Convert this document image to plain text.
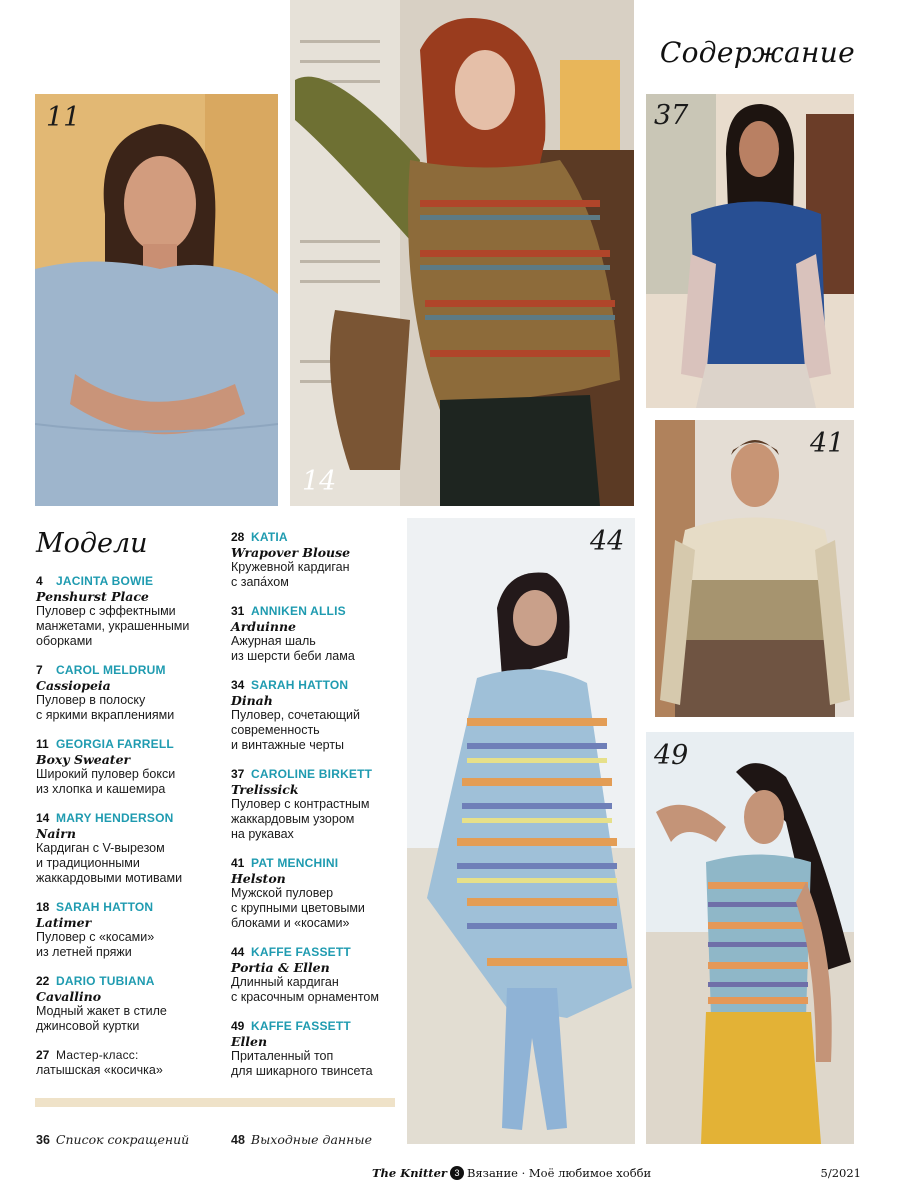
11
14
37
41
44
49
Содержание
Модели
4 JACINTA BOWIE
Penshurst Place
Пуловер с эффектными
манжетами, украшенными
оборками
7 CAROL MELDRUM
Cassiopeia
Пуловер в полоску
с яркими вкраплениями
11 GEORGIA FARRELL
Boxy Sweater
Широкий пуловер бокси
из хлопка и кашемира
14 MARY HENDERSON
Nairn
Кардиган с V-вырезом
и традиционными
жаккардовыми мотивами
18 SARAH HATTON
Latimer
Пуловер с «косами»
из летней пряжи
22 DARIO TUBIANA
Cavallino
Модный жакет в стиле
джинсовой куртки
27 Мастер-класс:
латышская «косичка»
28 KATIA
Wrapover Blouse
Кружевной кардиган
с запа́хом
31 ANNIKEN ALLIS
Arduinne
Ажурная шаль
из шерсти беби лама
34 SARAH HATTON
Dinah
Пуловер, сочетающий
современность
и винтажные черты
37 CAROLINE BIRKETT
Trelissick
Пуловер с контрастным
жаккардовым узором
на рукавах
41 PAT MENCHINI
Helston
Мужской пуловер
с крупными цветовыми
блоками и «косами»
44 KAFFE FASSETT
Portia & Ellen
Длинный кардиган
с красочным орнаментом
49 KAFFE FASSETT
Ellen
Приталенный топ
для шикарного твинсета
36 Список сокращений	48 Выходные данные
The Knitter 3 Вязание · Моё любимое хобби	5/2021
